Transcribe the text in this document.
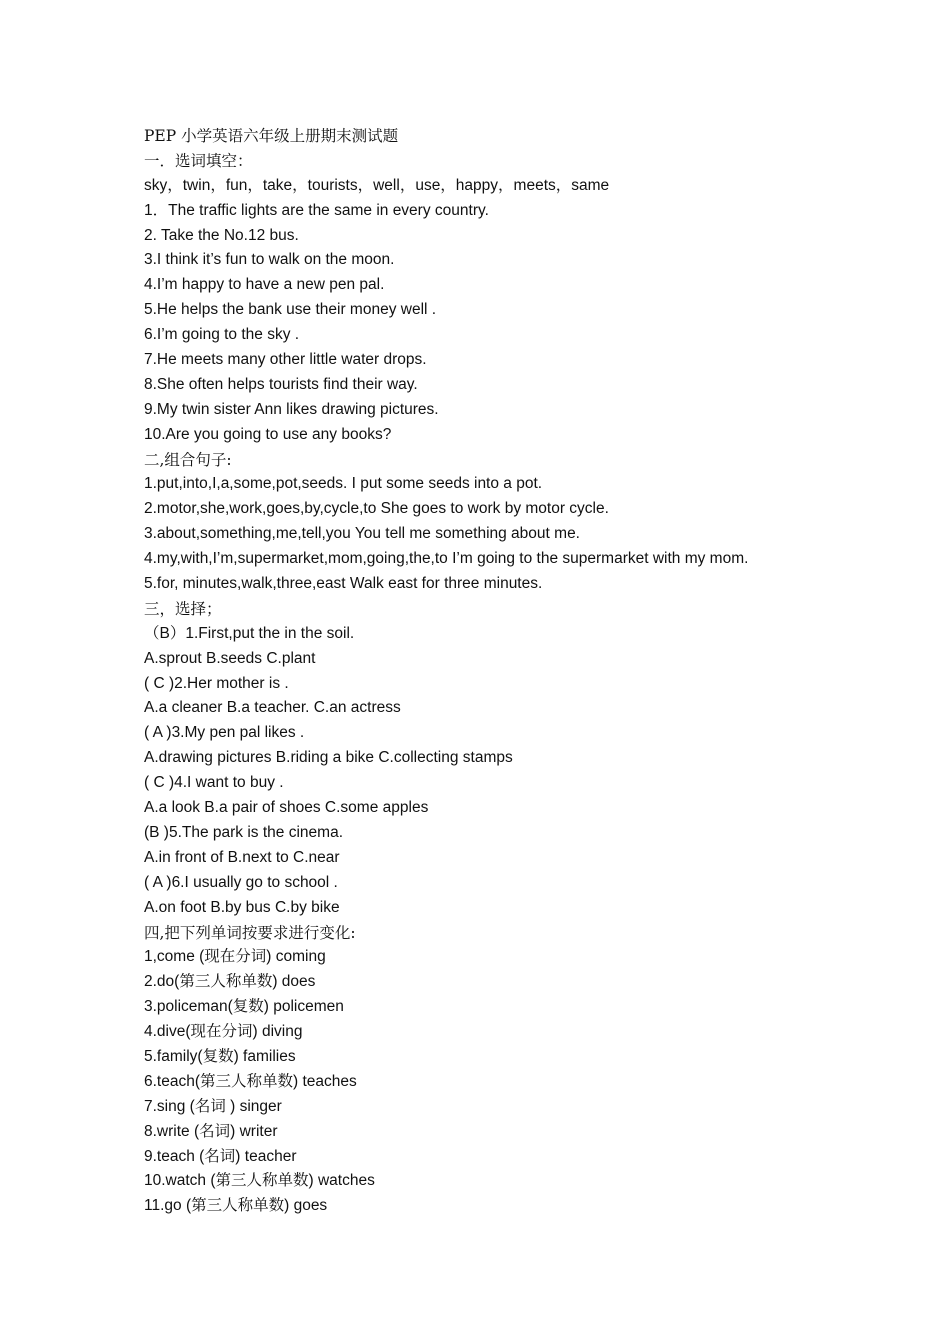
PEP 小学英语六年级上册期末测试题
一．选词填空：
sky，twin，fun，take，tourists，well，use，happy，meets，same
1．The traffic lights are the same in every country.
2. Take the No.12 bus.
3.I think it’s fun to walk on the moon.
4.I’m happy to have a new pen pal.
5.He helps the bank use their money well .
6.I’m going to the sky .
7.He meets many other little water drops.
8.She often helps tourists find their way.
9.My twin sister Ann likes drawing pictures.
10.Are you going to use any books?
二,组合句子:
1.put,into,I,a,some,pot,seeds. I put some seeds into a pot.
2.motor,she,work,goes,by,cycle,to She goes to work by motor cycle.
3.about,something,me,tell,you You tell me something about me.
4.my,with,I’m,supermarket,mom,going,the,to I’m going to the supermarket with my mom.
5.for, minutes,walk,three,east Walk east for three minutes.
三，选择；
（B）1.First,put the in the soil.
A.sprout B.seeds C.plant
( C )2.Her mother is .
A.a cleaner B.a teacher. C.an actress
( A )3.My pen pal likes .
A.drawing pictures B.riding a bike C.collecting stamps
( C )4.I want to buy .
A.a look B.a pair of shoes C.some apples
(B )5.The park is the cinema.
A.in front of B.next to C.near
( A )6.I usually go to school .
A.on foot B.by bus C.by bike
四,把下列单词按要求进行变化:
1,come (现在分词) coming
2.do(第三人称单数) does
3.policeman(复数) policemen
4.dive(现在分词) diving
5.family(复数) families
6.teach(第三人称单数) teaches
7.sing (名词 ) singer
8.write (名词) writer
9.teach (名词) teacher
10.watch (第三人称单数) watches
11.go (第三人称单数) goes
